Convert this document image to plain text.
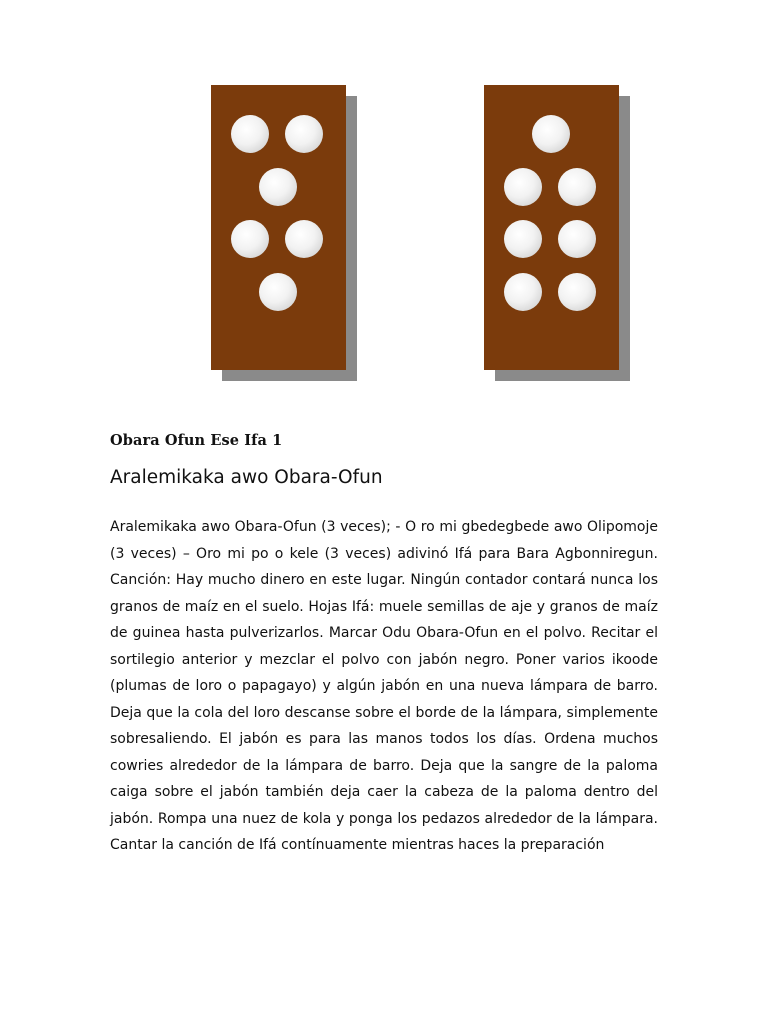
Obara Ofun Ese Ifa 1
Aralemikaka awo Obara-Ofun

Aralemikaka awo Obara-Ofun (3 veces); - O ro mi gbedegbede awo Olipomoje (3 veces) – Oro mi po o kele (3 veces) adivinó Ifá para Bara Agbonniregun. Canción: Hay mucho dinero en este lugar. Ningún contador contará nunca los granos de maíz en el suelo. Hojas Ifá: muele semillas de aje y granos de maíz de guinea hasta pulverizarlos. Marcar Odu Obara-Ofun en el polvo. Recitar el sortilegio anterior y mezclar el polvo con jabón negro. Poner varios ikoode (plumas de loro o papagayo) y algún jabón en una nueva lámpara de barro. Deja que la cola del loro descanse sobre el borde de la lámpara, simplemente sobresaliendo. El jabón es para las manos todos los días. Ordena muchos cowries alrededor de la lámpara de barro. Deja que la sangre de la paloma caiga sobre el jabón también deja caer la cabeza de la paloma dentro del jabón. Rompa una nuez de kola y ponga los pedazos alrededor de la lámpara. Cantar la canción de Ifá contínuamente mientras haces la preparación
